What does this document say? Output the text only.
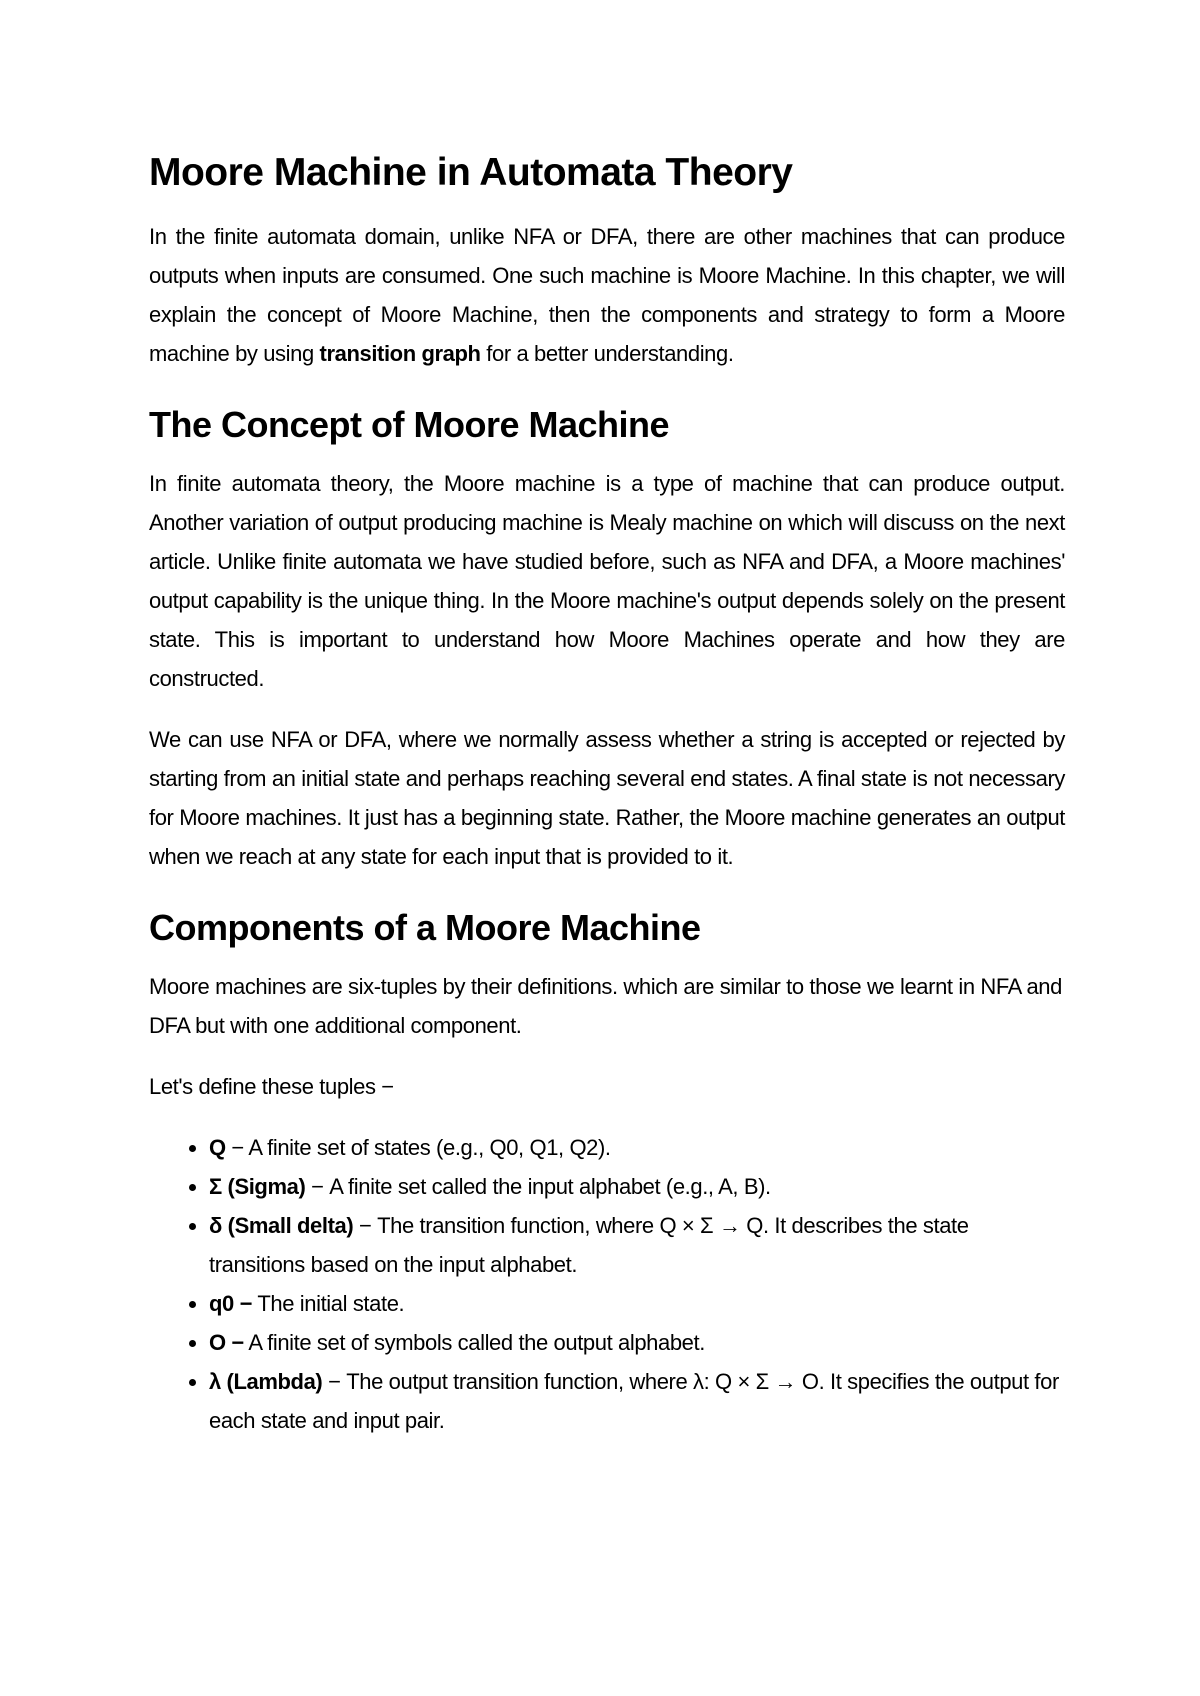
Moore Machine in Automata Theory

In the finite automata domain, unlike NFA or DFA, there are other machines that can produce outputs when inputs are consumed. One such machine is Moore Machine. In this chapter, we will explain the concept of Moore Machine, then the components and strategy to form a Moore machine by using transition graph for a better understanding.

The Concept of Moore Machine

In finite automata theory, the Moore machine is a type of machine that can produce output. Another variation of output producing machine is Mealy machine on which will discuss on the next article. Unlike finite automata we have studied before, such as NFA and DFA, a Moore machines' output capability is the unique thing. In the Moore machine's output depends solely on the present state. This is important to understand how Moore Machines operate and how they are constructed.

We can use NFA or DFA, where we normally assess whether a string is accepted or rejected by starting from an initial state and perhaps reaching several end states. A final state is not necessary for Moore machines. It just has a beginning state. Rather, the Moore machine generates an output when we reach at any state for each input that is provided to it.

Components of a Moore Machine

Moore machines are six-tuples by their definitions. which are similar to those we learnt in NFA and DFA but with one additional component.

Let's define these tuples −

• Q − A finite set of states (e.g., Q0, Q1, Q2).
• Σ (Sigma) − A finite set called the input alphabet (e.g., A, B).
• δ (Small delta) − The transition function, where Q × Σ → Q. It describes the state transitions based on the input alphabet.
• q0 − The initial state.
• O − A finite set of symbols called the output alphabet.
• λ (Lambda) − The output transition function, where λ: Q × Σ → O. It specifies the output for each state and input pair.
